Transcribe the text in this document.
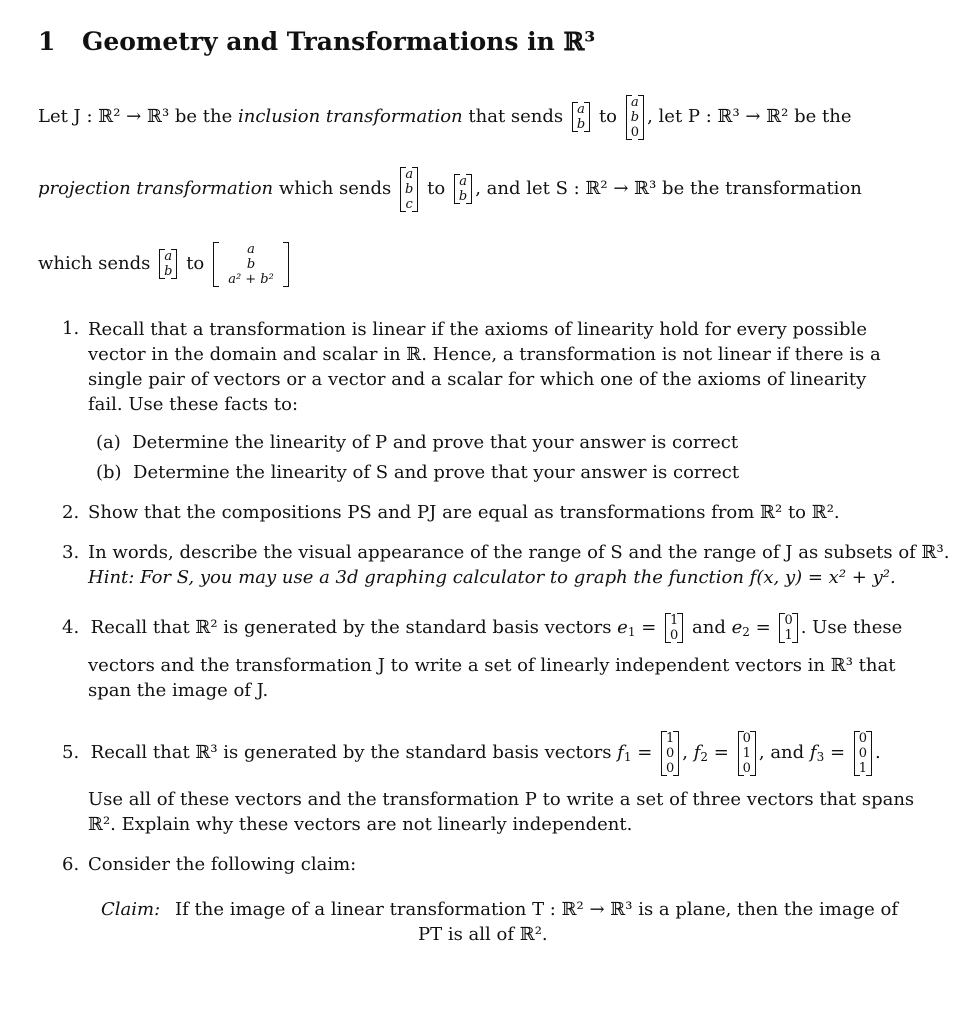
1 Geometry and Transformations in ℝ³
Let J : ℝ² → ℝ³ be the inclusion transformation that sends a
b to
a
b
0
, let P : ℝ³ → ℝ² be the
projection transformation which sends
a
b
c
to a
b , and let S : ℝ² → ℝ³ be the transformation
which sends a
b to
a
b
a² + b²
1. Recall that a transformation is linear if the axioms of linearity hold for every possible vector in the domain and scalar in ℝ. Hence, a transformation is not linear if there is a single pair of vectors or a vector and a scalar for which one of the axioms of linearity fail. Use these facts to:
(a)  Determine the linearity of P and prove that your answer is correct
(b)  Determine the linearity of S and prove that your answer is correct
2. Show that the compositions PS and PJ are equal as transformations from ℝ² to ℝ².
3. In words, describe the visual appearance of the range of S and the range of J as subsets of ℝ³.
Hint: For S, you may use a 3d graphing calculator to graph the function f(x, y) = x² + y².
4. Recall that ℝ² is generated by the standard basis vectors $e_1 = 1$
0 and $e_2 = 0$
1 . Use these
vectors and the transformation J to write a set of linearly independent vectors in ℝ³ that
span the image of J.
5. Recall that ℝ³ is generated by the standard basis vectors $f_1$ =
1
0
0
, $f_2$ =
0
1
0
, and $f_3$ =
0
0
1
.
Use all of these vectors and the transformation P to write a set of three vectors that spans
ℝ². Explain why these vectors are not linearly independent.
6. Consider the following claim:
Claim: If the image of a linear transformation T : ℝ² → ℝ³ is a plane, then the image of
PT is all of ℝ².
